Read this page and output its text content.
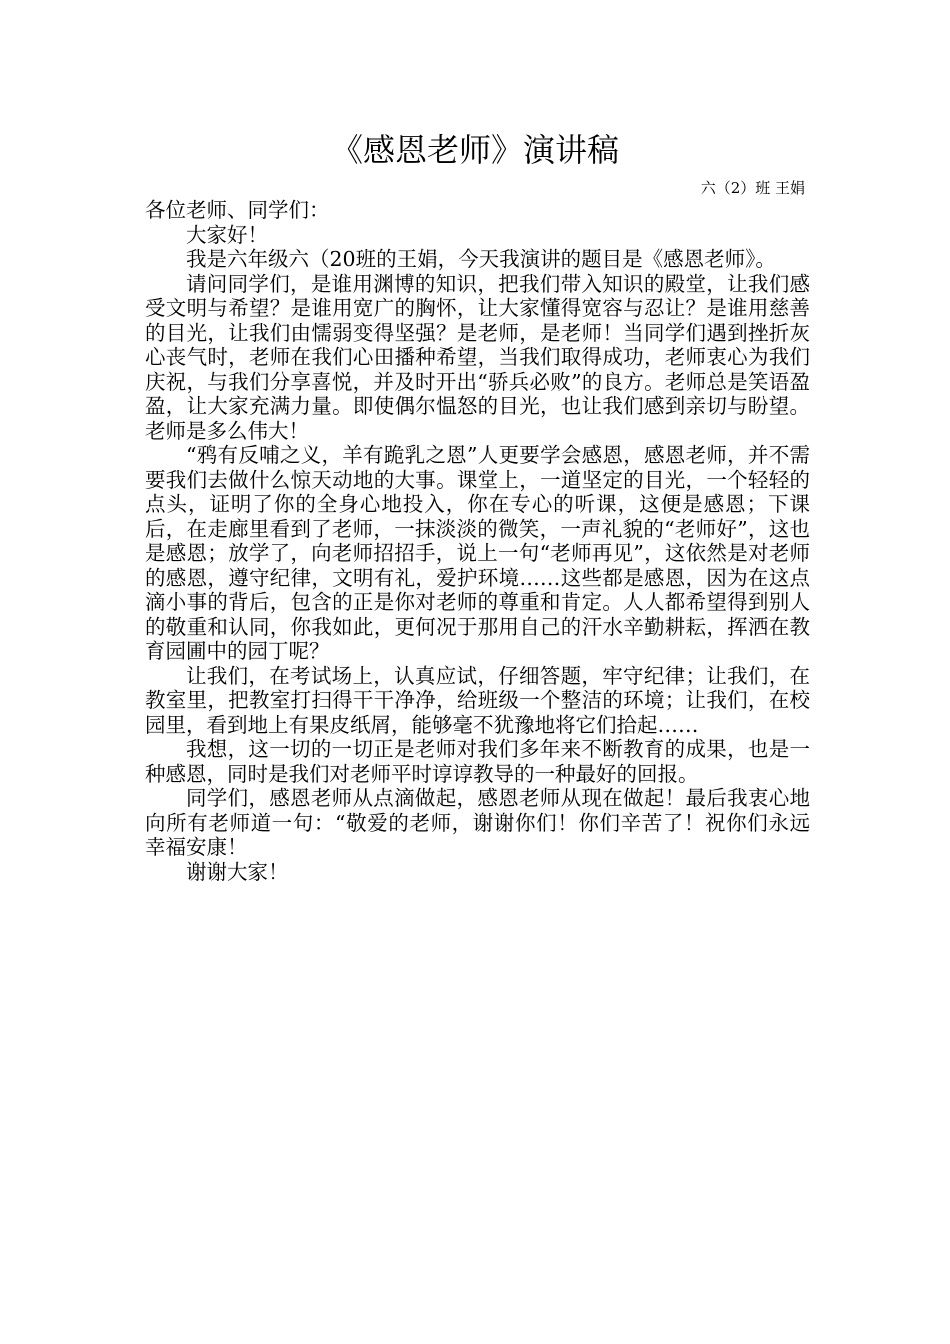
《感恩老师》演讲稿
六（2）班 王娟

各位老师、同学们：

大家好！

我是六年级六（20班的王娟，今天我演讲的题目是《感恩老师》。

请问同学们，是谁用渊博的知识，把我们带入知识的殿堂，让我们感受文明与希望？是谁用宽广的胸怀，让大家懂得宽容与忍让？是谁用慈善的目光，让我们由懦弱变得坚强？是老师，是老师！当同学们遇到挫折灰心丧气时，老师在我们心田播种希望，当我们取得成功，老师衷心为我们庆祝，与我们分享喜悦，并及时开出“骄兵必败”的良方。老师总是笑语盈盈，让大家充满力量。即使偶尔愠怒的目光，也让我们感到亲切与盼望。老师是多么伟大！

“鸦有反哺之义，羊有跪乳之恩”人更要学会感恩，感恩老师，并不需要我们去做什么惊天动地的大事。课堂上，一道坚定的目光，一个轻轻的点头，证明了你的全身心地投入，你在专心的听课，这便是感恩；下课后，在走廊里看到了老师，一抹淡淡的微笑，一声礼貌的“老师好”，这也是感恩；放学了，向老师招招手，说上一句“老师再见”，这依然是对老师的感恩，遵守纪律，文明有礼，爱护环境……这些都是感恩，因为在这点滴小事的背后，包含的正是你对老师的尊重和肯定。人人都希望得到别人的敬重和认同，你我如此，更何况于那用自己的汗水辛勤耕耘，挥洒在教育园圃中的园丁呢？

让我们，在考试场上，认真应试，仔细答题，牢守纪律；让我们，在教室里，把教室打扫得干干净净，给班级一个整洁的环境；让我们，在校园里，看到地上有果皮纸屑，能够毫不犹豫地将它们拾起……

我想，这一切的一切正是老师对我们多年来不断教育的成果，也是一种感恩，同时是我们对老师平时谆谆教导的一种最好的回报。

同学们，感恩老师从点滴做起，感恩老师从现在做起！最后我衷心地向所有老师道一句：“敬爱的老师，谢谢你们！你们辛苦了！祝你们永远幸福安康！

谢谢大家！
